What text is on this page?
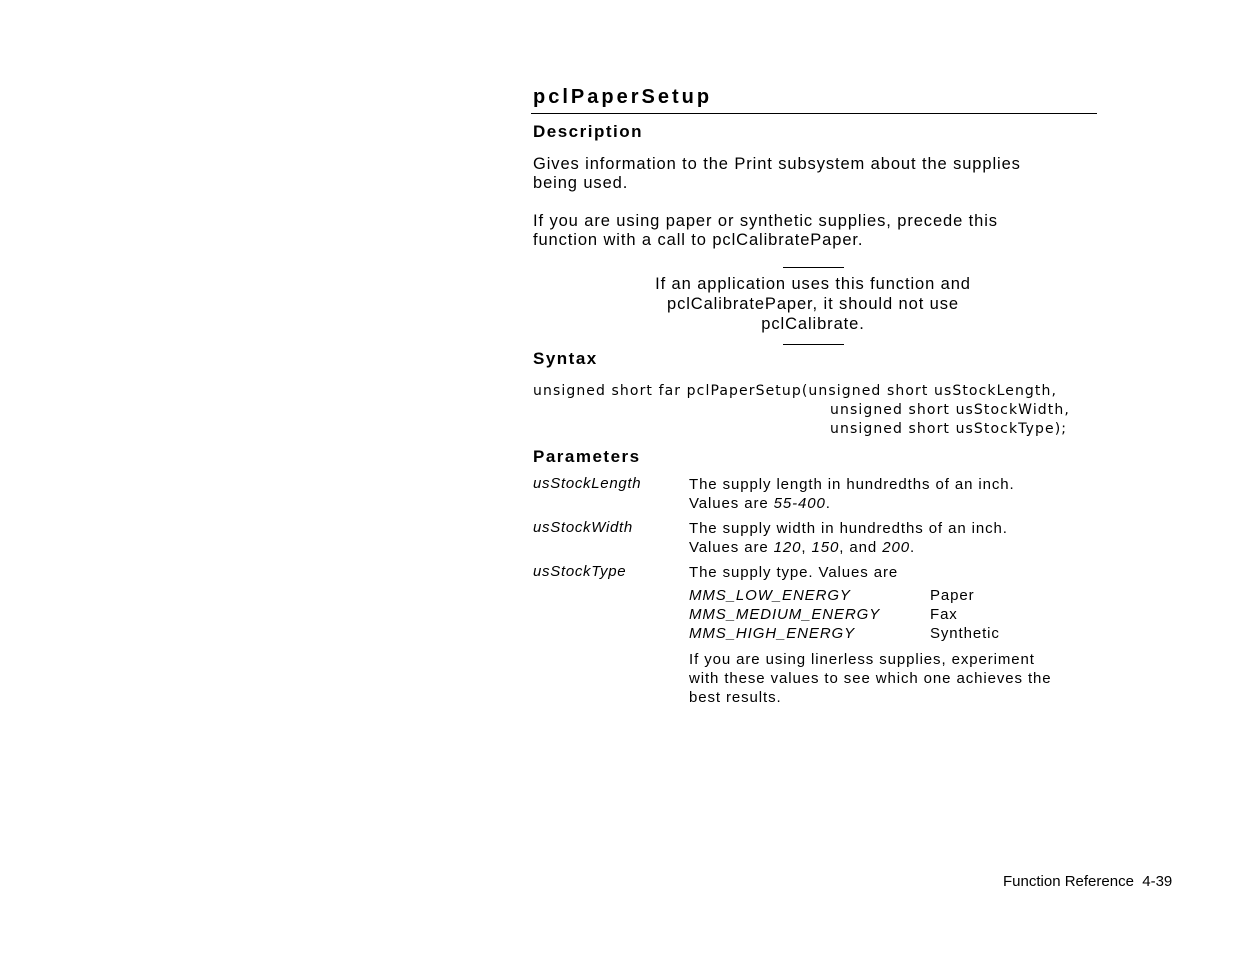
pclPaperSetup
Description
Gives information to the Print subsystem about the supplies
being used.
If you are using paper or synthetic supplies, precede this
function with a call to pclCalibratePaper.
If an application uses this function and
pclCalibratePaper, it should not use
pclCalibrate.
Syntax
unsigned short far pclPaperSetup(unsigned short usStockLength,
unsigned short usStockWidth,
unsigned short usStockType);
Parameters
usStockLength	The supply length in hundredths of an inch.
Values are 55-400.
usStockWidth	The supply width in hundredths of an inch.
Values are 120, 150, and 200.
usStockType	The supply type. Values are
MMS_LOW_ENERGY	Paper
MMS_MEDIUM_ENERGY	Fax
MMS_HIGH_ENERGY	Synthetic
If you are using linerless supplies, experiment
with these values to see which one achieves the
best results.
Function Reference  4-39
